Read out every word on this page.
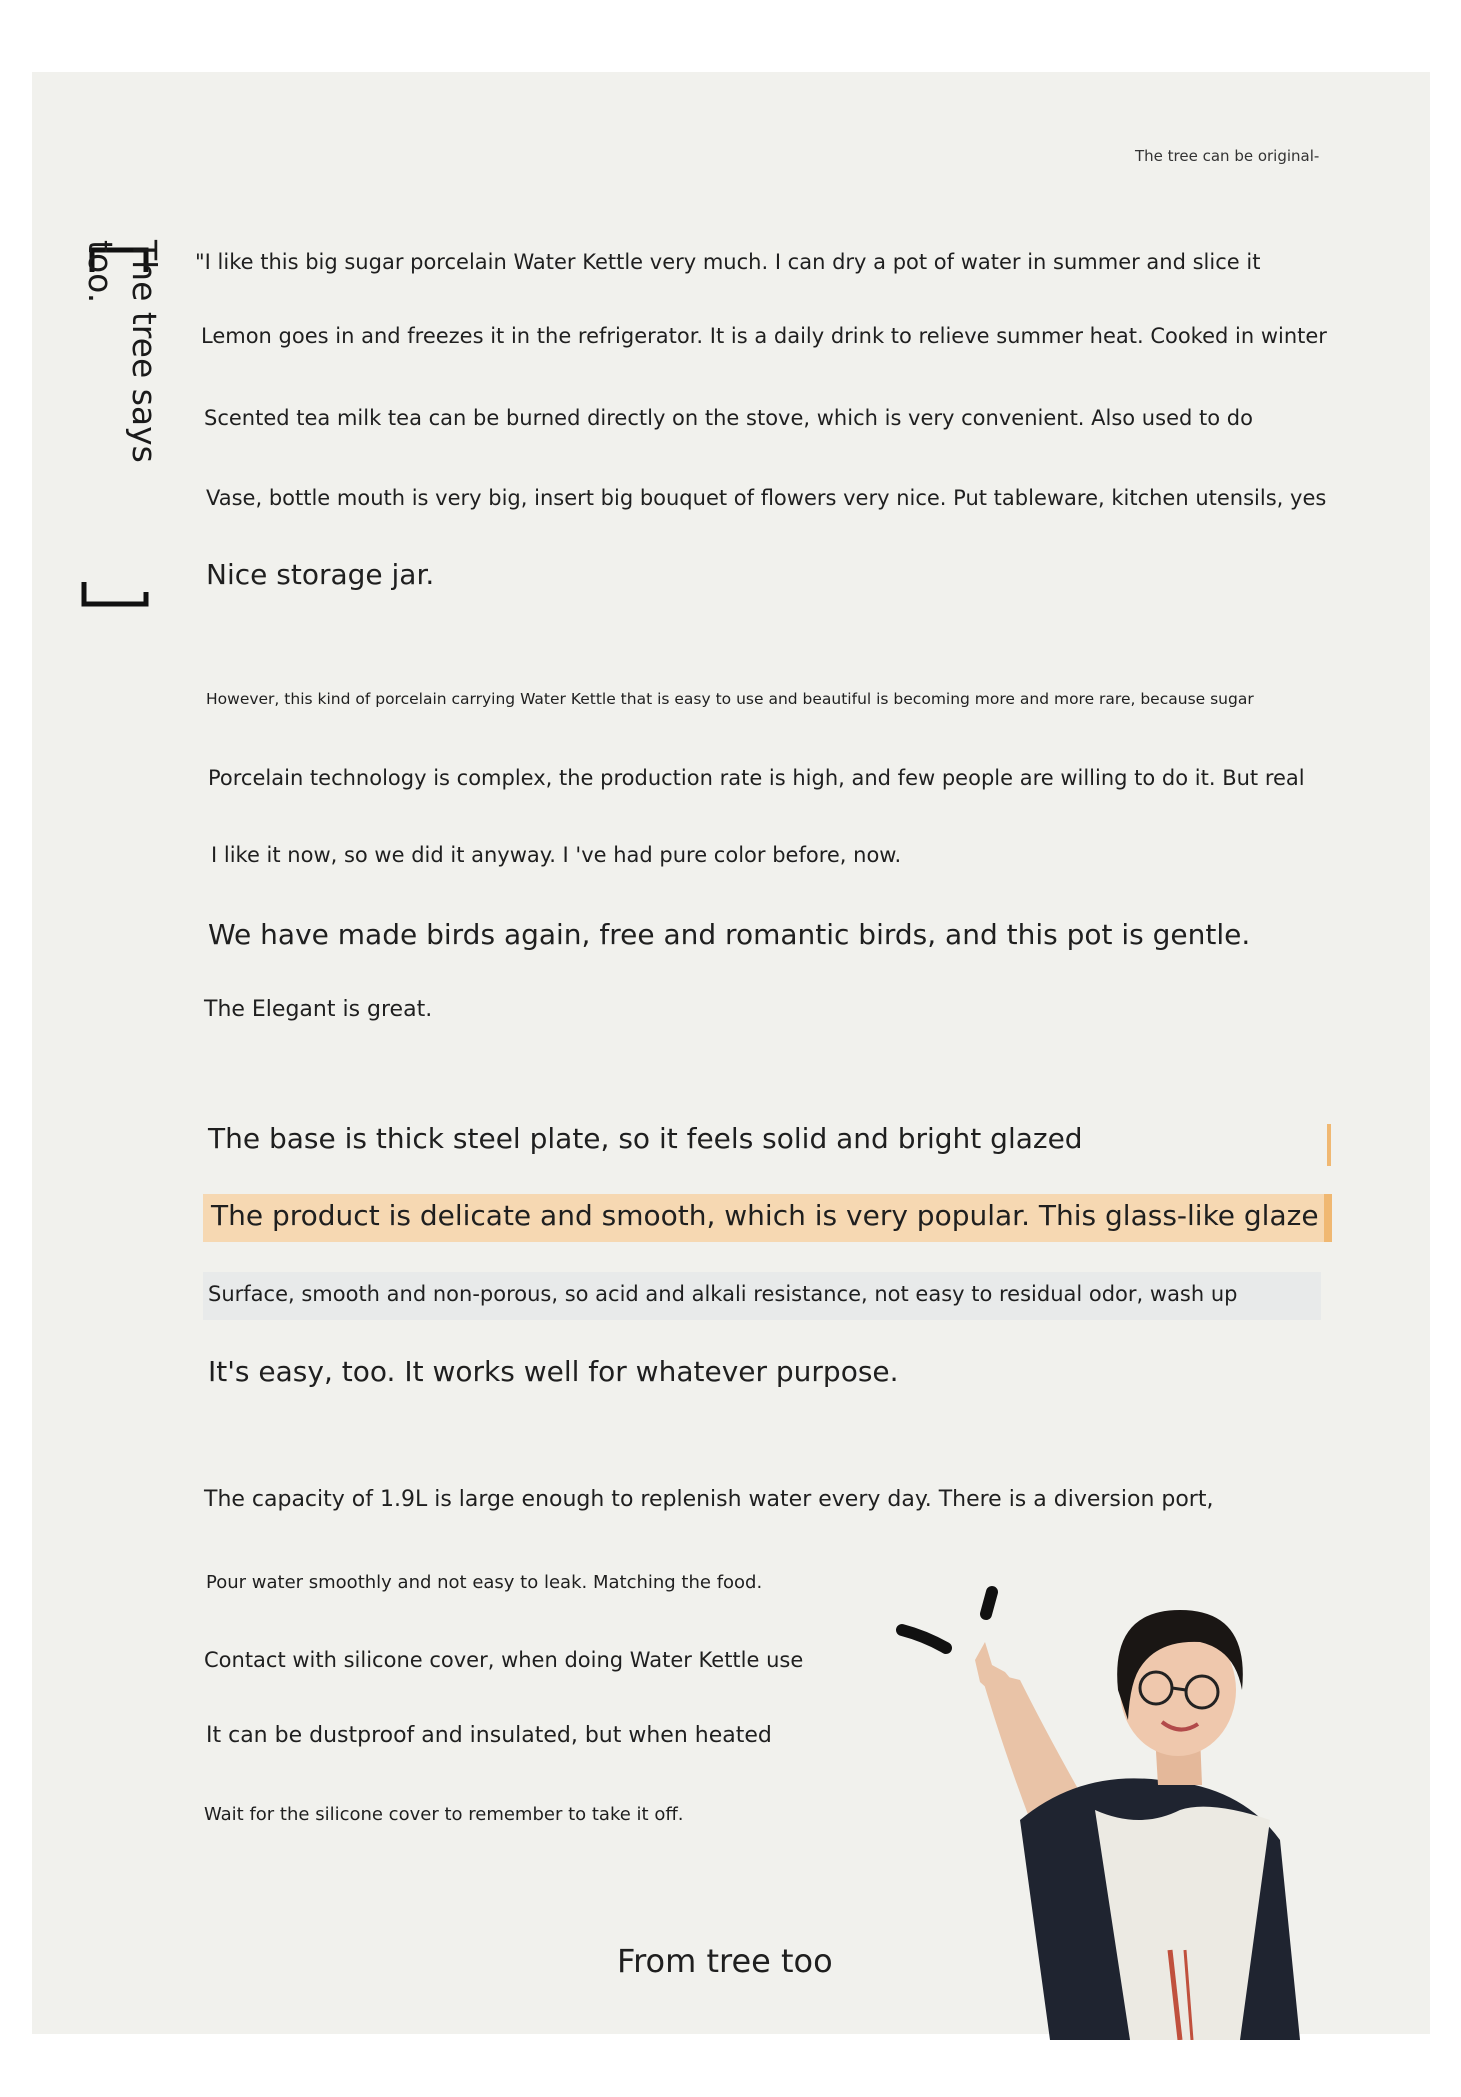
The tree can be original-
The tree says too.	"I like this big sugar porcelain Water Kettle very much. I can dry a pot of water in summer and slice it
Lemon goes in and freezes it in the refrigerator. It is a daily drink to relieve summer heat. Cooked in winter
Scented tea milk tea can be burned directly on the stove, which is very convenient. Also used to do
Vase, bottle mouth is very big, insert big bouquet of flowers very nice. Put tableware, kitchen utensils, yes
Nice storage jar.
However, this kind of porcelain carrying Water Kettle that is easy to use and beautiful is becoming more and more rare, because sugar
Porcelain technology is complex, the production rate is high, and few people are willing to do it. But real
I like it now, so we did it anyway. I 've had pure color before, now.
We have made birds again, free and romantic birds, and this pot is gentle.
The Elegant is great.
The base is thick steel plate, so it feels solid and bright glazed
The product is delicate and smooth, which is very popular. This glass-like glaze
Surface, smooth and non-porous, so acid and alkali resistance, not easy to residual odor, wash up
It's easy, too. It works well for whatever purpose.
The capacity of 1.9L is large enough to replenish water every day. There is a diversion port,
Pour water smoothly and not easy to leak. Matching the food.
Contact with silicone cover, when doing Water Kettle use
It can be dustproof and insulated, but when heated
Wait for the silicone cover to remember to take it off.
From tree too
